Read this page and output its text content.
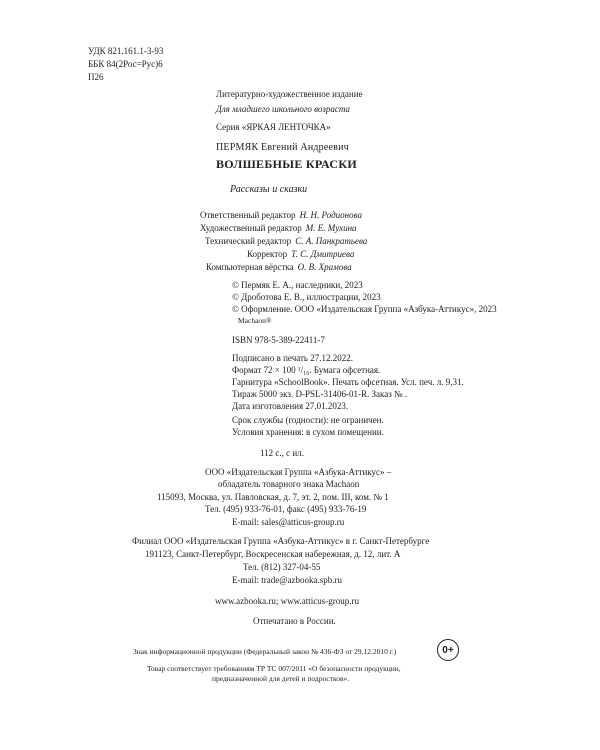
УДК 821.161.1-3-93
ББК 84(2Рос=Рус)6
П26
Литературно-художественное издание
Для младшего школьного возраста
Серия «ЯРКАЯ ЛЕНТОЧКА»
ПЕРМЯК Евгений Андреевич
ВОЛШЕБНЫЕ КРАСКИ
Рассказы и сказки
Ответственный редактор Н. Н. Родионова
Художественный редактор М. Е. Мухина
Технический редактор С. А. Панкратьева
Корректор Т. С. Дмитриева
Компьютерная вёрстка О. В. Храмова
© Пермяк Е. А., наследники, 2023
© Дроботова Е. В., иллюстрации, 2023
© Оформление. ООО «Издательская Группа «Азбука-Аттикус», 2023
Machaon®
ISBN 978-5-389-22411-7
Подписано в печать 27.12.2022.
Формат 72 × 100 ¹/₁₆. Бумага офсетная.
Гарнитура «SchoolBook». Печать офсетная. Усл. печ. л. 9,31.
Тираж 5000 экз. D-PSL-31406-01-R. Заказ № .
Дата изготовления 27.01.2023.
Срок службы (годности): не ограничен.
Условия хранения: в сухом помещении.
112 с., с ил.
ООО «Издательская Группа «Азбука-Аттикус» –
обладатель товарного знака Machaon
115093, Москва, ул. Павловская, д. 7, эт. 2, пом. III, ком. № 1
Тел. (495) 933-76-01, факс (495) 933-76-19
E-mail: sales@atticus-group.ru
Филиал ООО «Издательская Группа «Азбука-Аттикус» в г. Санкт-Петербурге
191123, Санкт-Петербург, Воскресенская набережная, д. 12, лит. А
Тел. (812) 327-04-55
E-mail: trade@azbooka.spb.ru
www.azbooka.ru; www.atticus-group.ru
Отпечатано в России.
Знак информационной продукции (Федеральный закон № 436-ФЗ от 29.12.2010 г.)	0+
Товар соответствует требованиям ТР ТС 007/2011 «О безопасности продукции,
предназначенной для детей и подростков».
